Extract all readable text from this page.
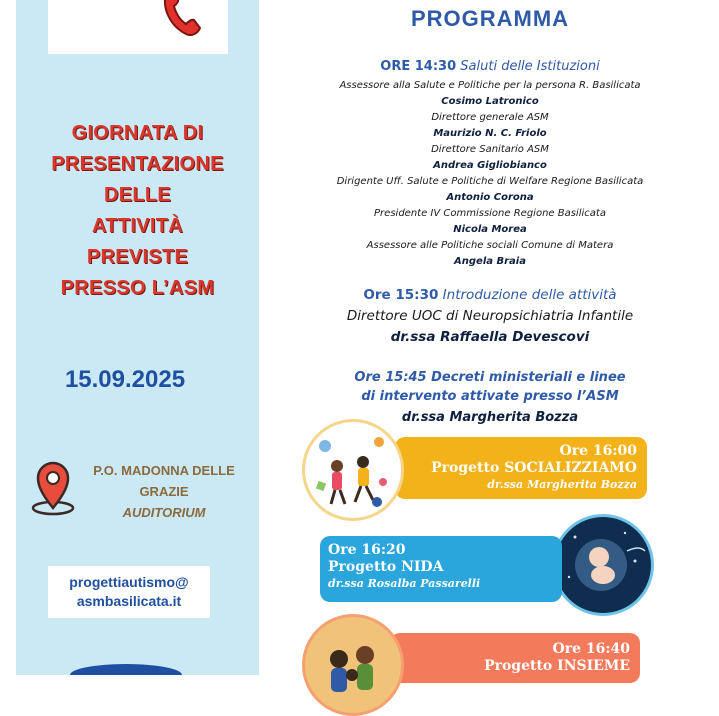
GIORNATA DI
PRESENTAZIONE
DELLE
ATTIVITÀ
PREVISTE
PRESSO L’ASM
15.09.2025
P.O. MADONNA DELLE
GRAZIE
AUDITORIUM
progettiautismo@
asmbasilicata.it
PROGRAMMA
ORE 14:30 Saluti delle Istituzioni
Assessore alla Salute e Politiche per la persona R. Basilicata
Cosimo Latronico
Direttore generale ASM
Maurizio N. C. Friolo
Direttore Sanitario ASM
Andrea Gigliobianco
Dirigente Uff. Salute e Politiche di Welfare Regione Basilicata
Antonio Corona
Presidente IV Commissione Regione Basilicata
Nicola Morea
Assessore alle Politiche sociali Comune di Matera
Angela Braia
Ore 15:30 Introduzione delle attività
Direttore UOC di Neuropsichiatria Infantile
dr.ssa Raffaella Devescovi
Ore 15:45 Decreti ministeriali e linee
di intervento attivate presso l’ASM
dr.ssa Margherita Bozza
Ore 16:00
Progetto SOCIALIZZIAMO
dr.ssa Margherita Bozza
Ore 16:20
Progetto NIDA
dr.ssa Rosalba Passarelli
Ore 16:40
Progetto INSIEME
